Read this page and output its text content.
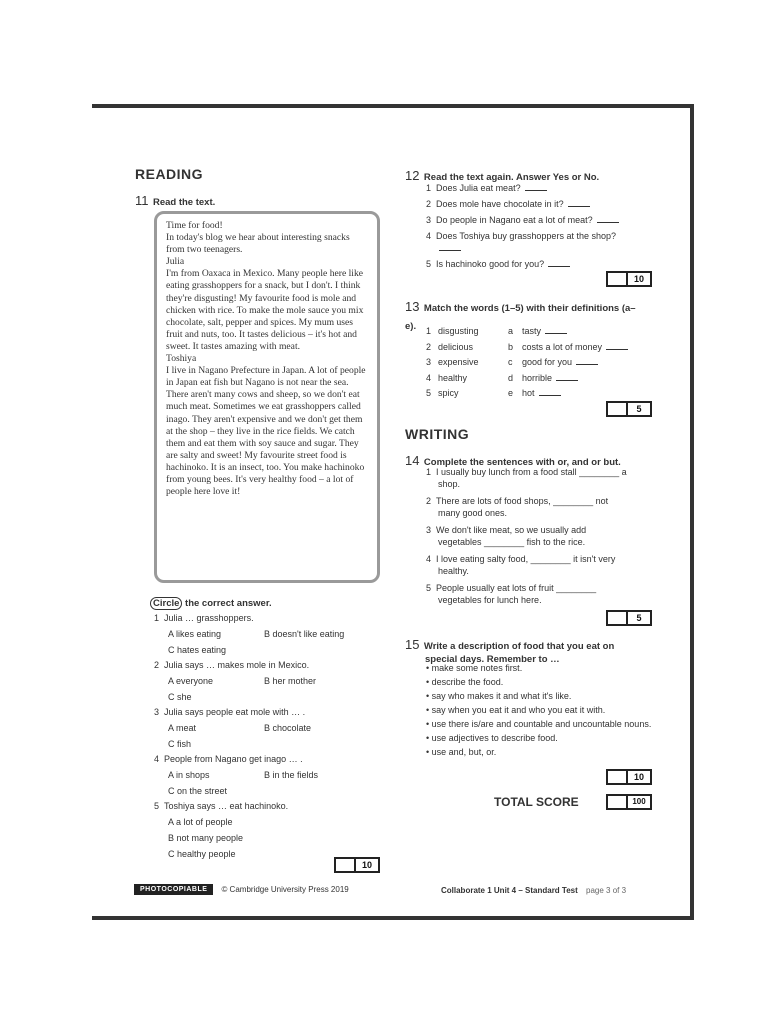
READING
11 Read the text.

Time for food!

In today's blog we hear about interesting snacks from two teenagers.

Julia

I'm from Oaxaca in Mexico. Many people here like eating grasshoppers for a snack, but I don't. I think they're disgusting! My favourite food is mole and chicken with rice. To make the mole sauce you mix chocolate, salt, pepper and spices. My mum uses fruit and nuts, too. It tastes delicious – it's hot and sweet. It tastes amazing with meat.

Toshiya

I live in Nagano Prefecture in Japan. A lot of people in Japan eat fish but Nagano is not near the sea. There aren't many cows and sheep, so we don't eat much meat. Sometimes we eat grasshoppers called inago. They aren't expensive and we don't get them at the shop – they live in the rice fields. We catch them and eat them with soy sauce and sugar. They are salty and sweet! My favourite street food is hachinoko. It is an insect, too. You make hachinoko from young bees. It's very healthy food – a lot of people here love it!

Circle the correct answer.
1 Julia … grasshoppers.
A likes eating	B doesn't like eating
C hates eating
2 Julia says … makes mole in Mexico.
A everyone	B her mother
C she
3 Julia says people eat mole with … .
A meat	B chocolate
C fish
4 People from Nagano get inago … .
A in shops	B in the fields
C on the street
5 Toshiya says … eat hachinoko.
A a lot of people
B not many people
C healthy people
10
12 Read the text again. Answer Yes or No.
1 Does Julia eat meat?
2 Does mole have chocolate in it?
3 Do people in Nagano eat a lot of meat?
4 Does Toshiya buy grasshoppers at the shop?
5 Is hachinoko good for you?
10
13 Match the words (1–5) with their definitions (a–e).	1 disgusting	a tasty
2 delicious	b costs a lot of money
3 expensive	c good for you
4 healthy	d horrible
5 spicy	e hot
5
WRITING
14 Complete the sentences with or, and or but.
1 I usually buy lunch from a food stall ________ a
shop.
2 There are lots of food shops, ________ not
many good ones.
3 We don't like meat, so we usually add
vegetables ________ fish to the rice.
4 I love eating salty food, ________ it isn't very
healthy.
5 People usually eat lots of fruit ________
vegetables for lunch here.
5
15 Write a description of food that you eat on
special days. Remember to …
• make some notes first.
• describe the food.
• say who makes it and what it's like.
• say when you eat it and who you eat it with.
• use there is/are and countable and uncountable nouns.
• use adjectives to describe food.
• use and, but, or.
10
TOTAL SCORE	100
PHOTOCOPIABLE	© Cambridge University Press 2019	Collaborate 1 Unit 4 – Standard Test page 3 of 3
